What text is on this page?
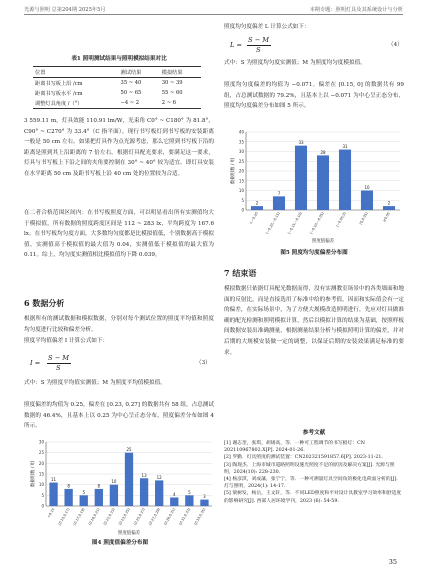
光源与照明 总第204期 2025年5月	本期专题：照明灯具及其系统设计与分析
表1 照明测试结果与照明模拟结果对比
位置	测试结果	模拟结果
距离书写板上沿 /cm	35 ~ 40	30 ~ 39
距离书写板水平 /cm	50 ~ 65	55 ~ 60
调整灯具角度 /（°）	−4 ~ 2	2 ~ 6
3 559.11 m，灯具效能 110.91 lm/W，光束角 C0° ~ C180° 为 81.8°，C90° ~ C270° 为 33.4°（C 指平面）。现行书写板灯到书写板的安装距离一般是 50 cm 左右。如果把灯具作为点光源考虑，那么它照到书写板下沿的距离是照到其上沿距离的 7 倍左右。根据灯具配光要求，要满足这一要求，灯具与书写板上下沿之间的夹角要控制在 30° ~ 40° 较为适宜。即灯具安装在水平距离 50 cm 及距书写板上沿 40 cm 处的位置较为合适。
在二者合格范围区间内：在书写板照度方面，可以明显看出所有实测值均大于模拟值，所有数据的照度跨度区间是 112 ~ 283 lx，平均跨度为 167.6 lx。在书写板均匀度方面，大多数均匀度都是比模拟值低，个别数据高于模拟值。实测值高于模拟值的最大值为 0.04，实测值低于模拟值的最大值为 0.11。综上，均匀度实测值相比模拟值均下降 0.039。
6 数据分析
根据所有的测试数据和模拟数据，分别对每个测试位置的照度平均值和照度均匀度进行比较和偏差分析。
照度平均值偏差 I 计算公式如下：
I =
S − M
S
（3）
式中：S 为照度平均值实测值；M 为照度平均值模拟值。
照度偏差的均值为 0.25，偏差在 [0.23, 0.27] 的数据共有 58 组，占总测试数据的 46.4%，且基本上以 0.25 为中心呈正态分布，照度偏差分布如图 4 所示。
0
5
10
15
20
25
30
11
<0.15
8
[0.15,0.17)
5
[0.17,0.19)
8
[0.19,0.21)
10
[0.21,0.23)
25
[0.23,0.25)
13
[0.25,0.27)
12
[0.27,0.29)
4
[0.29,0.31)
5
[0.31,0.33)
3
[0.33,0.35)
数据组数 / 组
照度值偏差
图4 照度值偏差分布图
照度均匀度偏差 L 计算公式如下：
L =
S − M
S
（4）
式中：S 为照度均匀度实测值；M 为照度均匀度模拟值。
照度均匀度偏差的均值为 −0.071。偏差在 [0.15, 0] 的数据共有 99 组，占总测试数据的 79.2%，且基本上以 −0.071 为中心呈正态分布，照度均匀度偏差分布如图 5 所示。
0
5
10
15
20
25
30
35
40
2
<−0.20
7
[−0.20,−0.15)
33
[−0.15,−0.10)
28
[−0.10,−0.05)
31
[−0.05,0)
10
[0,0.05)
2
≥0.05
数据组数 / 组
照度值偏差
图5 照度均匀度偏差分布图
7 结束语
模拟数据只依据灯具配光数据而得，没有实测教室场景中的各类墙面和地面的反射比，而是直接选用了标准中给的参考值，因而和实际值会有一定的偏差，在实际场景中，为了方便大规模改造照明进行，先应对灯具做准确的配光检测和照明模拟计算，然后以模拟计算的结果为基础，按照样板间数据安装出准确测量，根据测量结果分析与模拟照明计算的偏差，并对后期的大规模安装做一定的调整，以保证后期的安装效果满足标准的要求。
参考文献
[1] 谢志奎，张琪，胡锡高，等．一种可工程调节的书写板灯：CN 202110967802.X[P]. 2024-01-26.
[2] 罗勤．灯具照度的测试装置：CN202321591857.6[P]. 2023-11-21.
[3] 陶现杰．上海市城市道路照明设施光照度不足的原因及解决方案[J]. 光源与照明，2024(10): 228-230.
[4] 杨彦淇，刘成藩，张宁宁，等．一种可测量灯具空间角的极化电荷面分析的[J]. 灯与照明，2024(1): 14-17.
[5] 梁树发，杨岳，王文轩，等．不同LED照度和平对设计具教室学习效率和舒适度的影响研究[J]. 西部人居环境学刊，2023 (6): 54-59.
35
